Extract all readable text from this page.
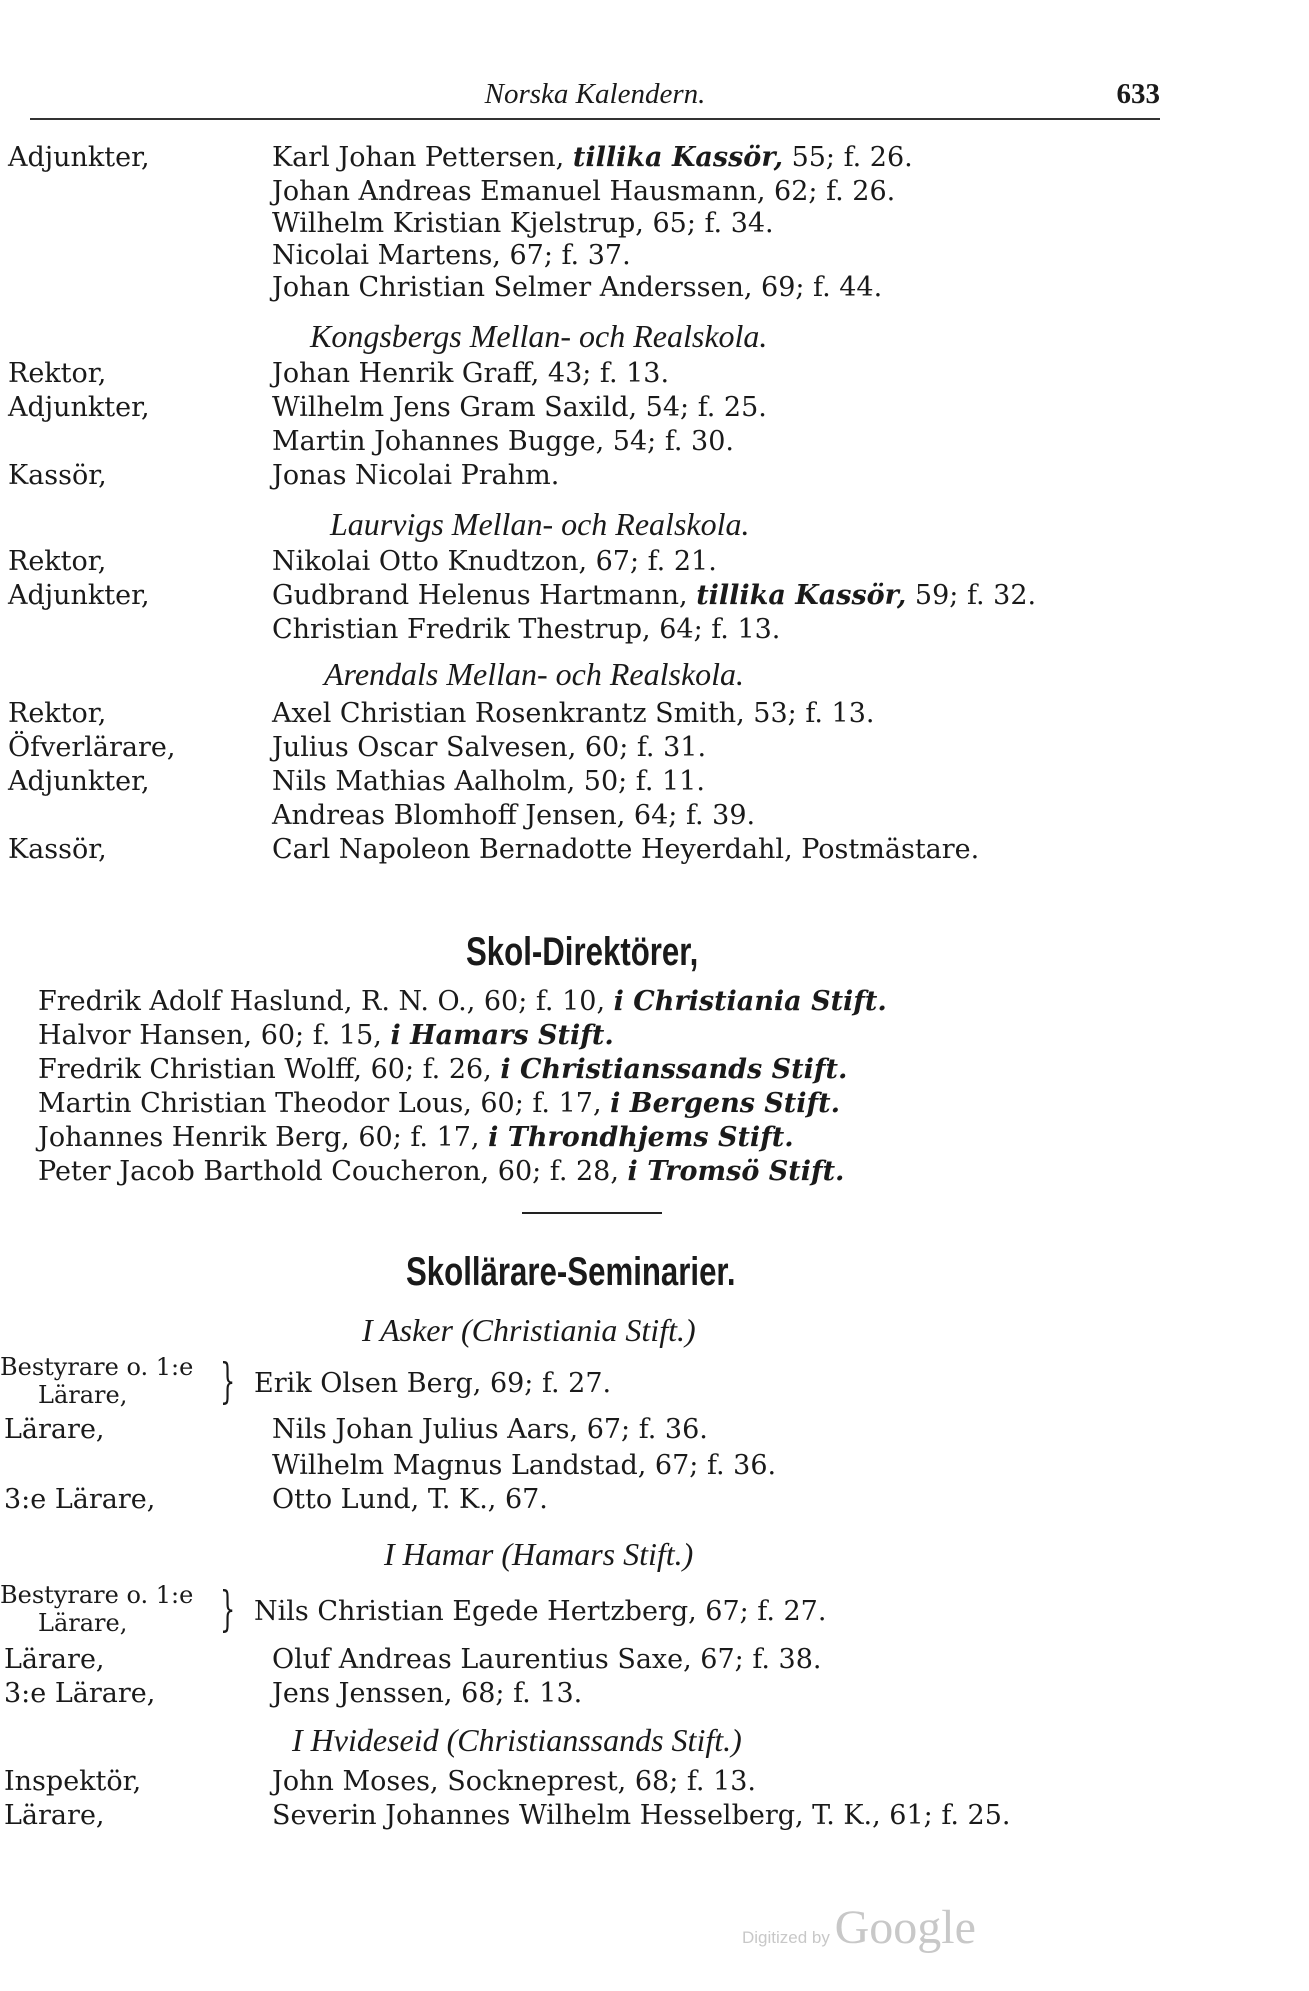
Norska Kalendern.	633
Adjunkter,	Karl Johan Pettersen, tillika Kassör, 55; f. 26.
Johan Andreas Emanuel Hausmann, 62; f. 26.
Wilhelm Kristian Kjelstrup, 65; f. 34.
Nicolai Martens, 67; f. 37.
Johan Christian Selmer Anderssen, 69; f. 44.
Kongsbergs Mellan- och Realskola.
Rektor,	Johan Henrik Graff, 43; f. 13.
Adjunkter,	Wilhelm Jens Gram Saxild, 54; f. 25.
Martin Johannes Bugge, 54; f. 30.
Kassör,	Jonas Nicolai Prahm.
Laurvigs Mellan- och Realskola.
Rektor,	Nikolai Otto Knudtzon, 67; f. 21.
Adjunkter,	Gudbrand Helenus Hartmann, tillika Kassör, 59; f. 32.
Christian Fredrik Thestrup, 64; f. 13.
Arendals Mellan- och Realskola.
Rektor,	Axel Christian Rosenkrantz Smith, 53; f. 13.
Öfverlärare,	Julius Oscar Salvesen, 60; f. 31.
Adjunkter,	Nils Mathias Aalholm, 50; f. 11.
Andreas Blomhoff Jensen, 64; f. 39.
Kassör,	Carl Napoleon Bernadotte Heyerdahl, Postmästare.
Skol-Direktörer,
Fredrik Adolf Haslund, R. N. O., 60; f. 10, i Christiania Stift.
Halvor Hansen, 60; f. 15, i Hamars Stift.
Fredrik Christian Wolff, 60; f. 26, i Christianssands Stift.
Martin Christian Theodor Lous, 60; f. 17, i Bergens Stift.
Johannes Henrik Berg, 60; f. 17, i Throndhjems Stift.
Peter Jacob Barthold Coucheron, 60; f. 28, i Tromsö Stift.
Skollärare-Seminarier.
I Asker (Christiania Stift.)
Bestyrare o. 1:e
Lärare, } Erik Olsen Berg, 69; f. 27.
Lärare,	Nils Johan Julius Aars, 67; f. 36.
Wilhelm Magnus Landstad, 67; f. 36.
3:e Lärare,	Otto Lund, T. K., 67.
I Hamar (Hamars Stift.)
Bestyrare o. 1:e
Lärare, } Nils Christian Egede Hertzberg, 67; f. 27.
Lärare,	Oluf Andreas Laurentius Saxe, 67; f. 38.
3:e Lärare,	Jens Jenssen, 68; f. 13.
I Hvideseid (Christianssands Stift.)
Inspektör,	John Moses, Sockneprest, 68; f. 13.
Lärare,	Severin Johannes Wilhelm Hesselberg, T. K., 61; f. 25.
Digitized by Google
